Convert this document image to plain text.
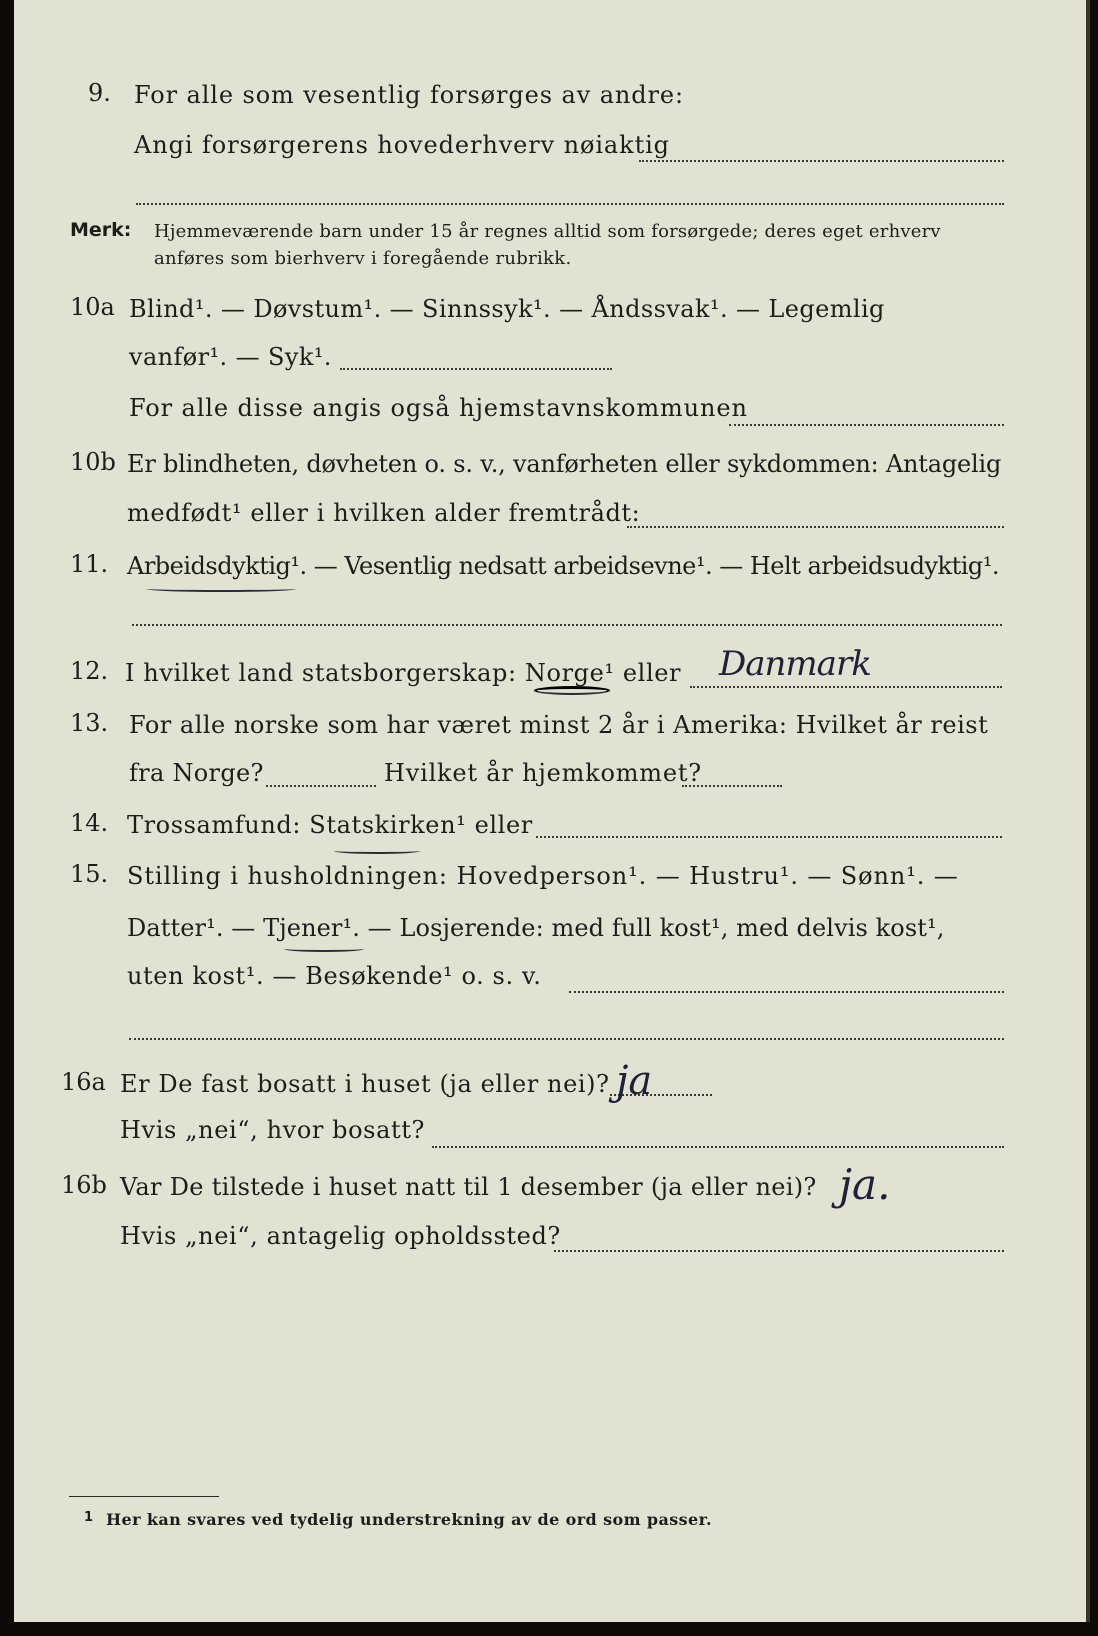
9. For alle som vesentlig forsørges av andre:
Angi forsørgerens hovederhverv nøiaktig
Merk: Hjemmeværende barn under 15 år regnes alltid som forsørgede; deres eget erhverv
anføres som bierhverv i foregående rubrikk.
10a Blind¹. — Døvstum¹. — Sinnssyk¹. — Åndssvak¹. — Legemlig
vanfør¹. — Syk¹.
For alle disse angis også hjemstavnskommunen
10b Er blindheten, døvheten o. s. v., vanførheten eller sykdommen: Antagelig
medfødt¹ eller i hvilken alder fremtrådt:
11. Arbeidsdyktig¹. — Vesentlig nedsatt arbeidsevne¹. — Helt arbeidsudyktig¹.
12. I hvilket land statsborgerskap: Norge¹ eller Danmark
13. For alle norske som har været minst 2 år i Amerika: Hvilket år reist
fra Norge?	Hvilket år hjemkommet?
14. Trossamfund: Statskirken¹ eller
15. Stilling i husholdningen: Hovedperson¹. — Hustru¹. — Sønn¹. —
Datter¹. — Tjener¹. — Losjerende: med full kost¹, med delvis kost¹,
uten kost¹. — Besøkende¹ o. s. v.
16a Er De fast bosatt i huset (ja eller nei)? ja
Hvis „nei“, hvor bosatt?
16b Var De tilstede i huset natt til 1 desember (ja eller nei)? ja.
Hvis „nei“, antagelig opholdssted?
1 Her kan svares ved tydelig understrekning av de ord som passer.
